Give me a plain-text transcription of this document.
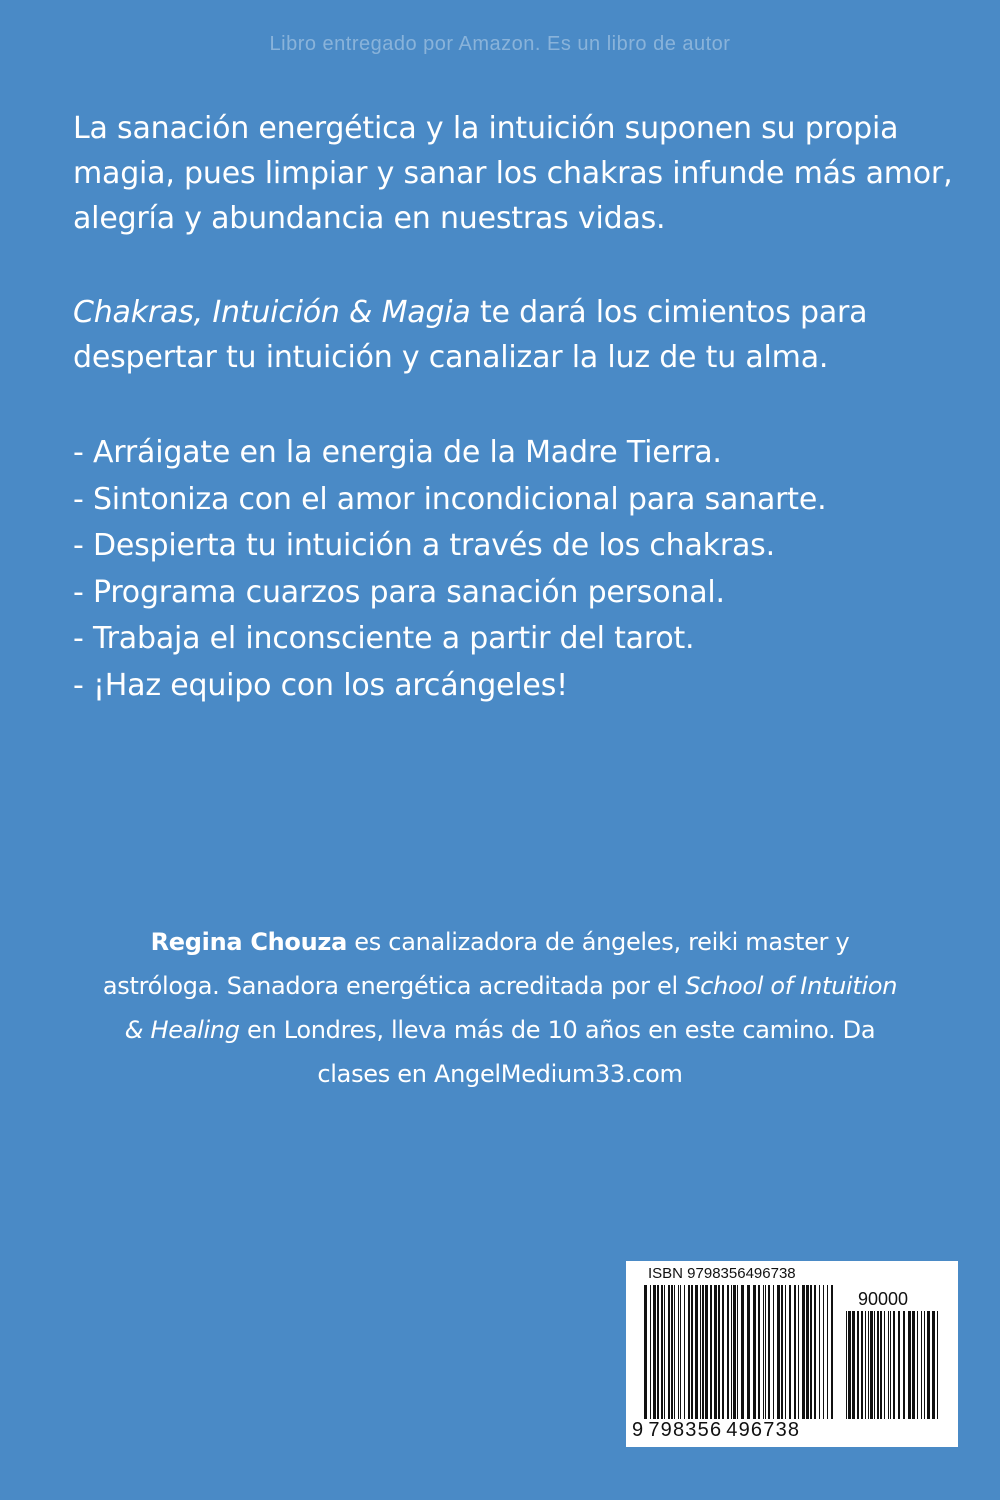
Libro entregado por Amazon. Es un libro de autor
La sanación energética y la intuición suponen su propia magia, pues limpiar y sanar los chakras infunde más amor, alegría y abundancia en nuestras vidas.
Chakras, Intuición & Magia te dará los cimientos para despertar tu intuición y canalizar la luz de tu alma.
- Arráigate en la energia de la Madre Tierra.
- Sintoniza con el amor incondicional para sanarte.
- Despierta tu intuición a través de los chakras.
- Programa cuarzos para sanación personal.
- Trabaja el inconsciente a partir del tarot.
- ¡Haz equipo con los arcángeles!
Regina Chouza es canalizadora de ángeles, reiki master y astróloga. Sanadora energética acreditada por el School of Intuition & Healing en Londres, lleva más de 10 años en este camino. Da clases en AngelMedium33.com
ISBN 9798356496738
90000
9 798356 496738
